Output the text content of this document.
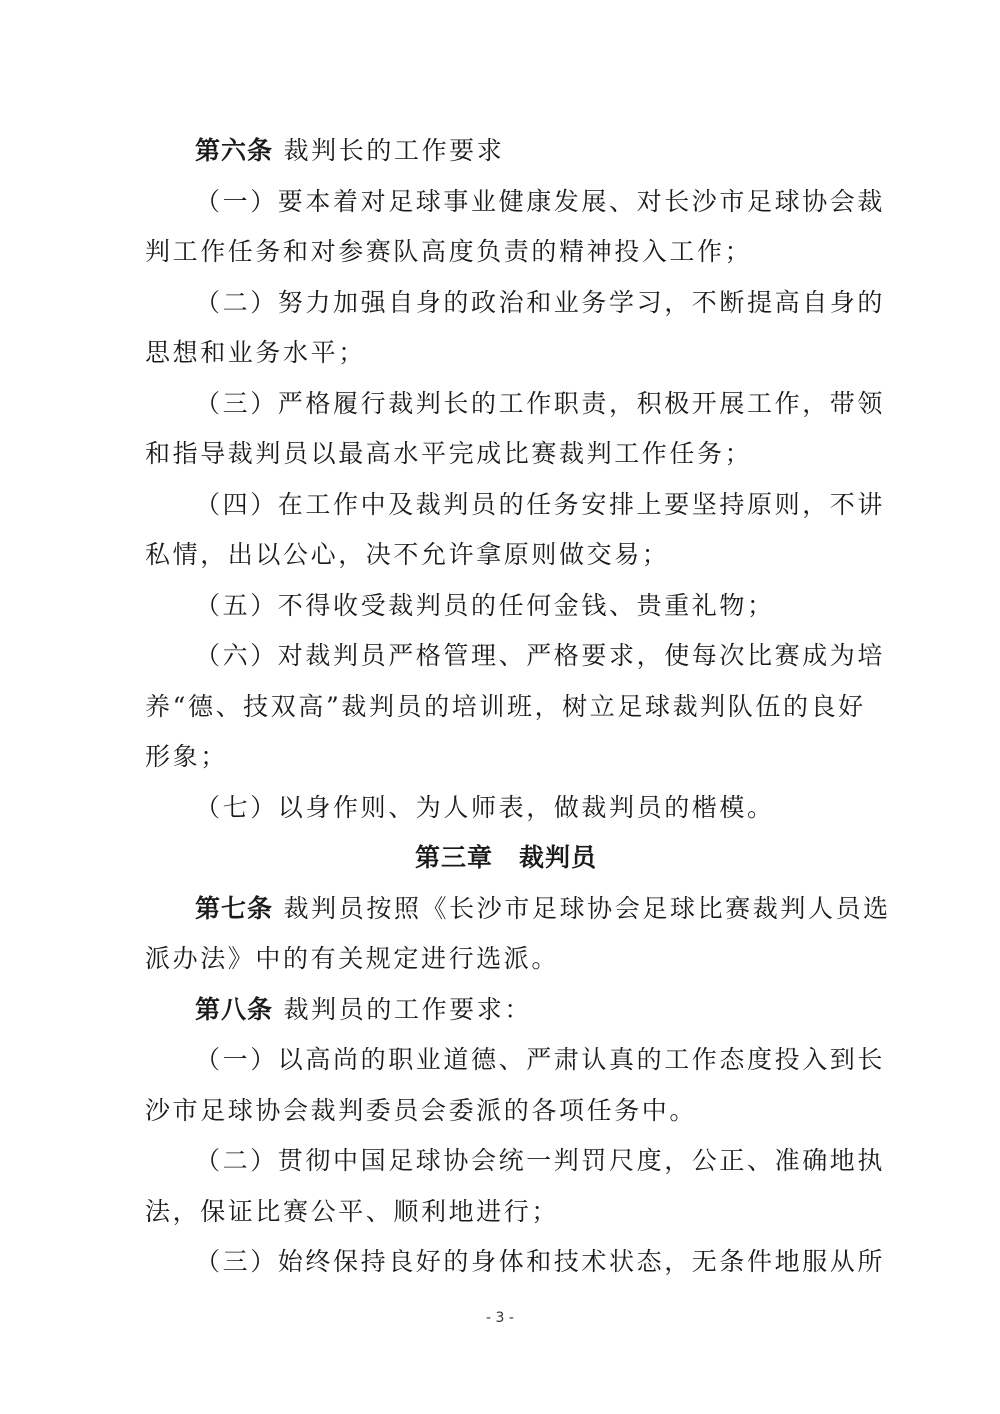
第六条 裁判长的工作要求
（一）要本着对足球事业健康发展、对长沙市足球协会裁
判工作任务和对参赛队高度负责的精神投入工作；
（二）努力加强自身的政治和业务学习，不断提高自身的
思想和业务水平；
（三）严格履行裁判长的工作职责，积极开展工作，带领
和指导裁判员以最高水平完成比赛裁判工作任务；
（四）在工作中及裁判员的任务安排上要坚持原则，不讲
私情，出以公心，决不允许拿原则做交易；
（五）不得收受裁判员的任何金钱、贵重礼物；
（六）对裁判员严格管理、严格要求，使每次比赛成为培
养“德、技双高”裁判员的培训班，树立足球裁判队伍的良好
形象；
（七）以身作则、为人师表，做裁判员的楷模。
第三章　裁判员
第七条 裁判员按照《长沙市足球协会足球比赛裁判人员选
派办法》中的有关规定进行选派。
第八条 裁判员的工作要求：
（一）以高尚的职业道德、严肃认真的工作态度投入到长
沙市足球协会裁判委员会委派的各项任务中。
（二）贯彻中国足球协会统一判罚尺度，公正、准确地执
法，保证比赛公平、顺利地进行；
（三）始终保持良好的身体和技术状态，无条件地服从所
- 3 -
